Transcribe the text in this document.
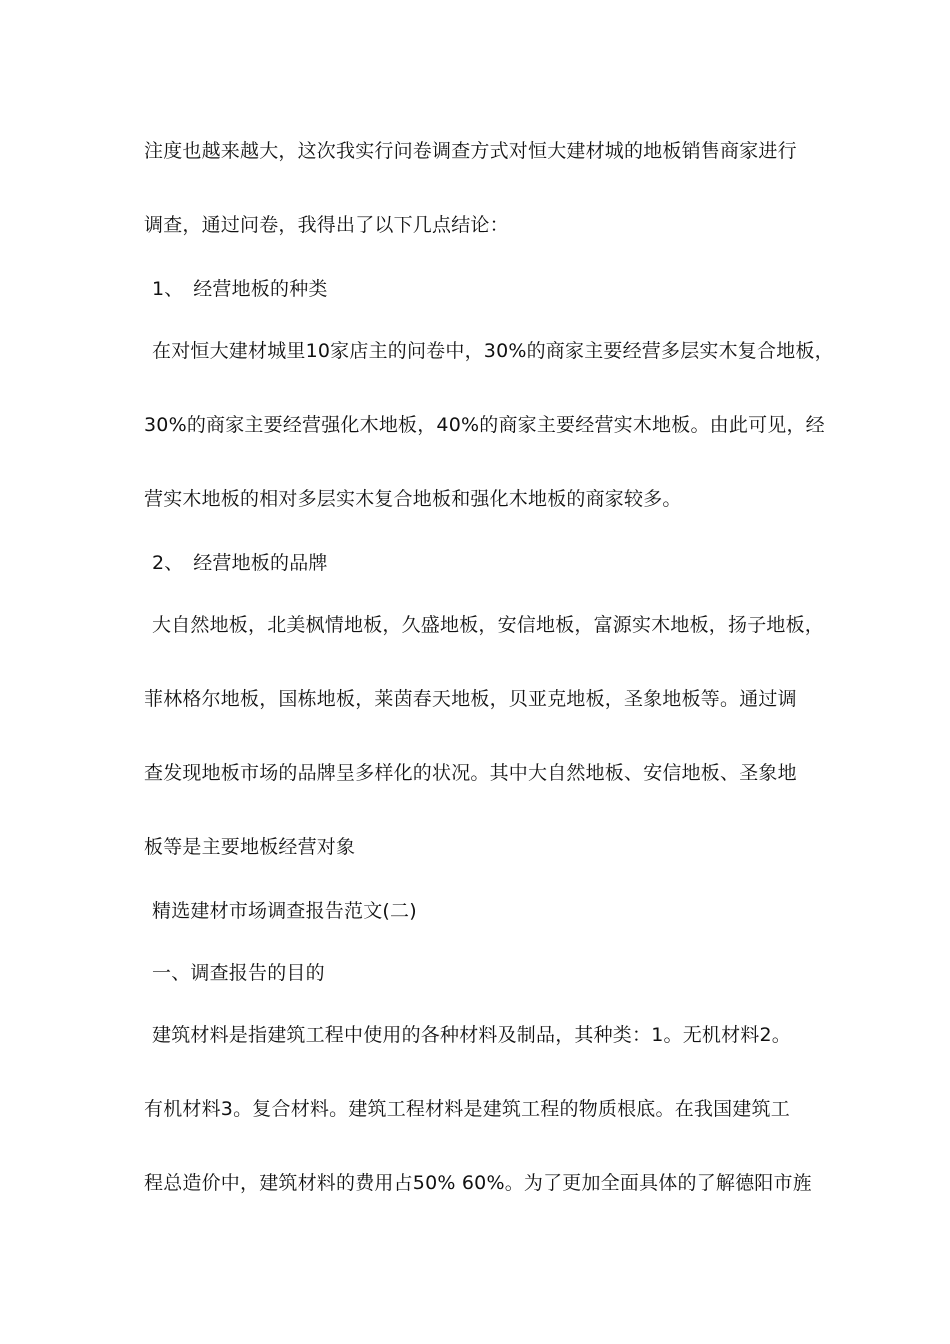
注度也越来越大，这次我实行问卷调查方式对恒大建材城的地板销售商家进行
调查，通过问卷，我得出了以下几点结论：
1、　经营地板的种类
在对恒大建材城里10家店主的问卷中，30%的商家主要经营多层实木复合地板，
30%的商家主要经营强化木地板，40%的商家主要经营实木地板。由此可见，经
营实木地板的相对多层实木复合地板和强化木地板的商家较多。
2、　经营地板的品牌
大自然地板，北美枫情地板，久盛地板，安信地板，富源实木地板，扬子地板，
菲林格尔地板，国栋地板，莱茵春天地板，贝亚克地板，圣象地板等。通过调
查发现地板市场的品牌呈多样化的状况。其中大自然地板、安信地板、圣象地
板等是主要地板经营对象
精选建材市场调查报告范文(二)
一、调查报告的目的
建筑材料是指建筑工程中使用的各种材料及制品，其种类：1。无机材料2。
有机材料3。复合材料。建筑工程材料是建筑工程的物质根底。在我国建筑工
程总造价中，建筑材料的费用占50% 60%。为了更加全面具体的了解德阳市旌
